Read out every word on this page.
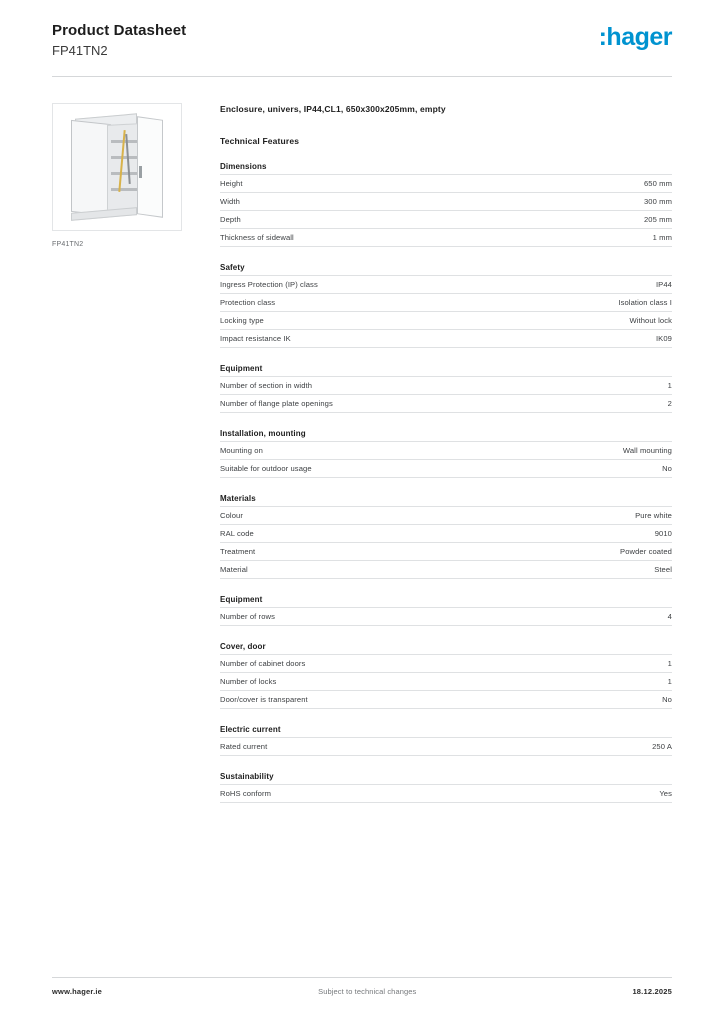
Product Datasheet
FP41TN2	:hager
FP41TN2
Enclosure, univers, IP44,CL1, 650x300x205mm, empty
Technical Features
Dimensions
Height	650 mm
Width	300 mm
Depth	205 mm
Thickness of sidewall	1 mm
Safety
Ingress Protection (IP) class	IP44
Protection class	Isolation class I
Locking type	Without lock
Impact resistance IK	IK09
Equipment
Number of section in width	1
Number of flange plate openings	2
Installation, mounting
Mounting on	Wall mounting
Suitable for outdoor usage	No
Materials
Colour	Pure white
RAL code	9010
Treatment	Powder coated
Material	Steel
Equipment
Number of rows	4
Cover, door
Number of cabinet doors	1
Number of locks	1
Door/cover is transparent	No
Electric current
Rated current	250 A
Sustainability
RoHS conform	Yes
www.hager.ie	Subject to technical changes	18.12.2025
